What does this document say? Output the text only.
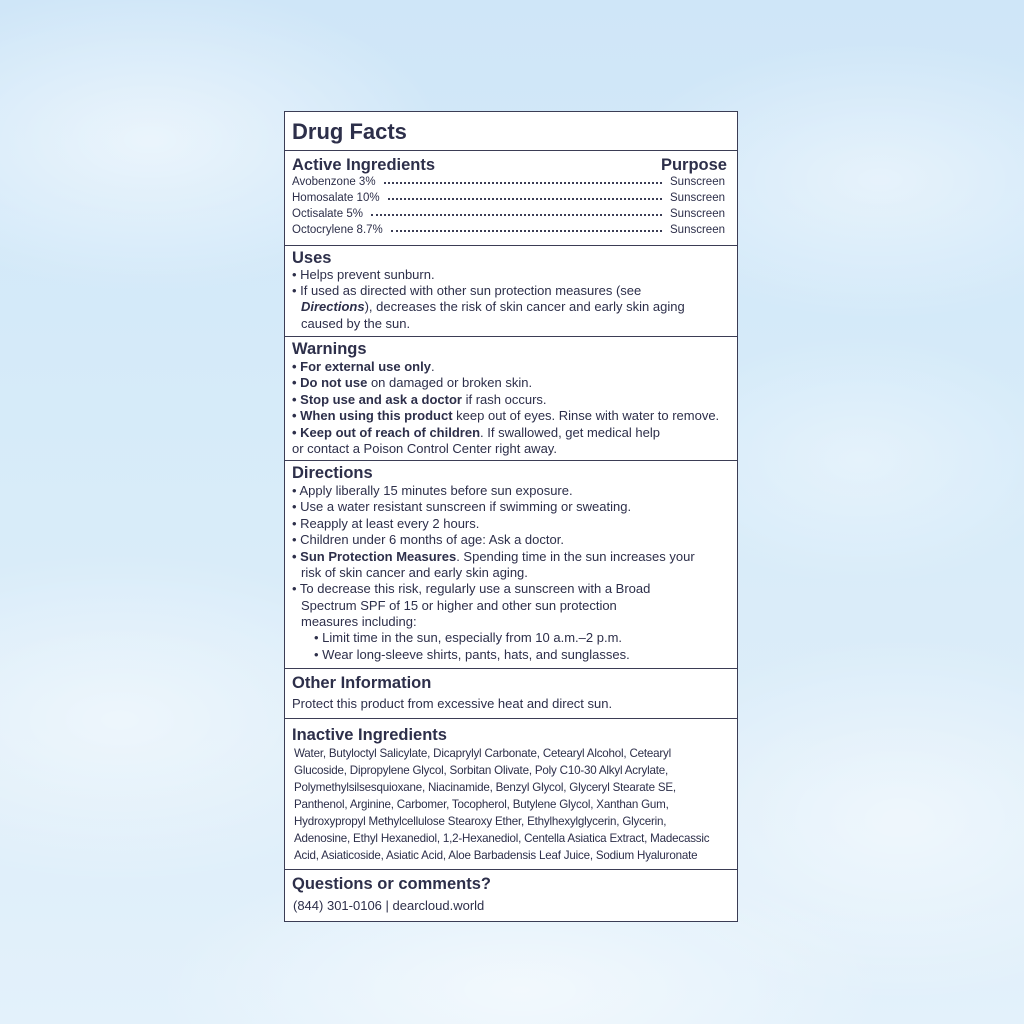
Drug Facts
Active Ingredients	Purpose
Avobenzone 3%	Sunscreen
Homosalate 10%	Sunscreen
Octisalate 5%	Sunscreen
Octocrylene 8.7%	Sunscreen
Uses
• Helps prevent sunburn.
• If used as directed with other sun protection measures (see
Directions), decreases the risk of skin cancer and early skin aging
caused by the sun.
Warnings
• For external use only.
• Do not use on damaged or broken skin.
• Stop use and ask a doctor if rash occurs.
• When using this product keep out of eyes. Rinse with water to remove.
• Keep out of reach of children. If swallowed, get medical help
or contact a Poison Control Center right away.
Directions
• Apply liberally 15 minutes before sun exposure.
• Use a water resistant sunscreen if swimming or sweating.
• Reapply at least every 2 hours.
• Children under 6 months of age: Ask a doctor.
• Sun Protection Measures. Spending time in the sun increases your
risk of skin cancer and early skin aging.
• To decrease this risk, regularly use a sunscreen with a Broad
Spectrum SPF of 15 or higher and other sun protection
measures including:
• Limit time in the sun, especially from 10 a.m.–2 p.m.
• Wear long-sleeve shirts, pants, hats, and sunglasses.
Other Information
Protect this product from excessive heat and direct sun.
Inactive Ingredients
Water, Butyloctyl Salicylate, Dicaprylyl Carbonate, Cetearyl Alcohol, Cetearyl
Glucoside, Dipropylene Glycol, Sorbitan Olivate, Poly C10-30 Alkyl Acrylate,
Polymethylsilsesquioxane, Niacinamide, Benzyl Glycol, Glyceryl Stearate SE,
Panthenol, Arginine, Carbomer, Tocopherol, Butylene Glycol, Xanthan Gum,
Hydroxypropyl Methylcellulose Stearoxy Ether, Ethylhexylglycerin, Glycerin,
Adenosine, Ethyl Hexanediol, 1,2-Hexanediol, Centella Asiatica Extract, Madecassic
Acid, Asiaticoside, Asiatic Acid, Aloe Barbadensis Leaf Juice, Sodium Hyaluronate
Questions or comments?
(844) 301-0106 | dearcloud.world
